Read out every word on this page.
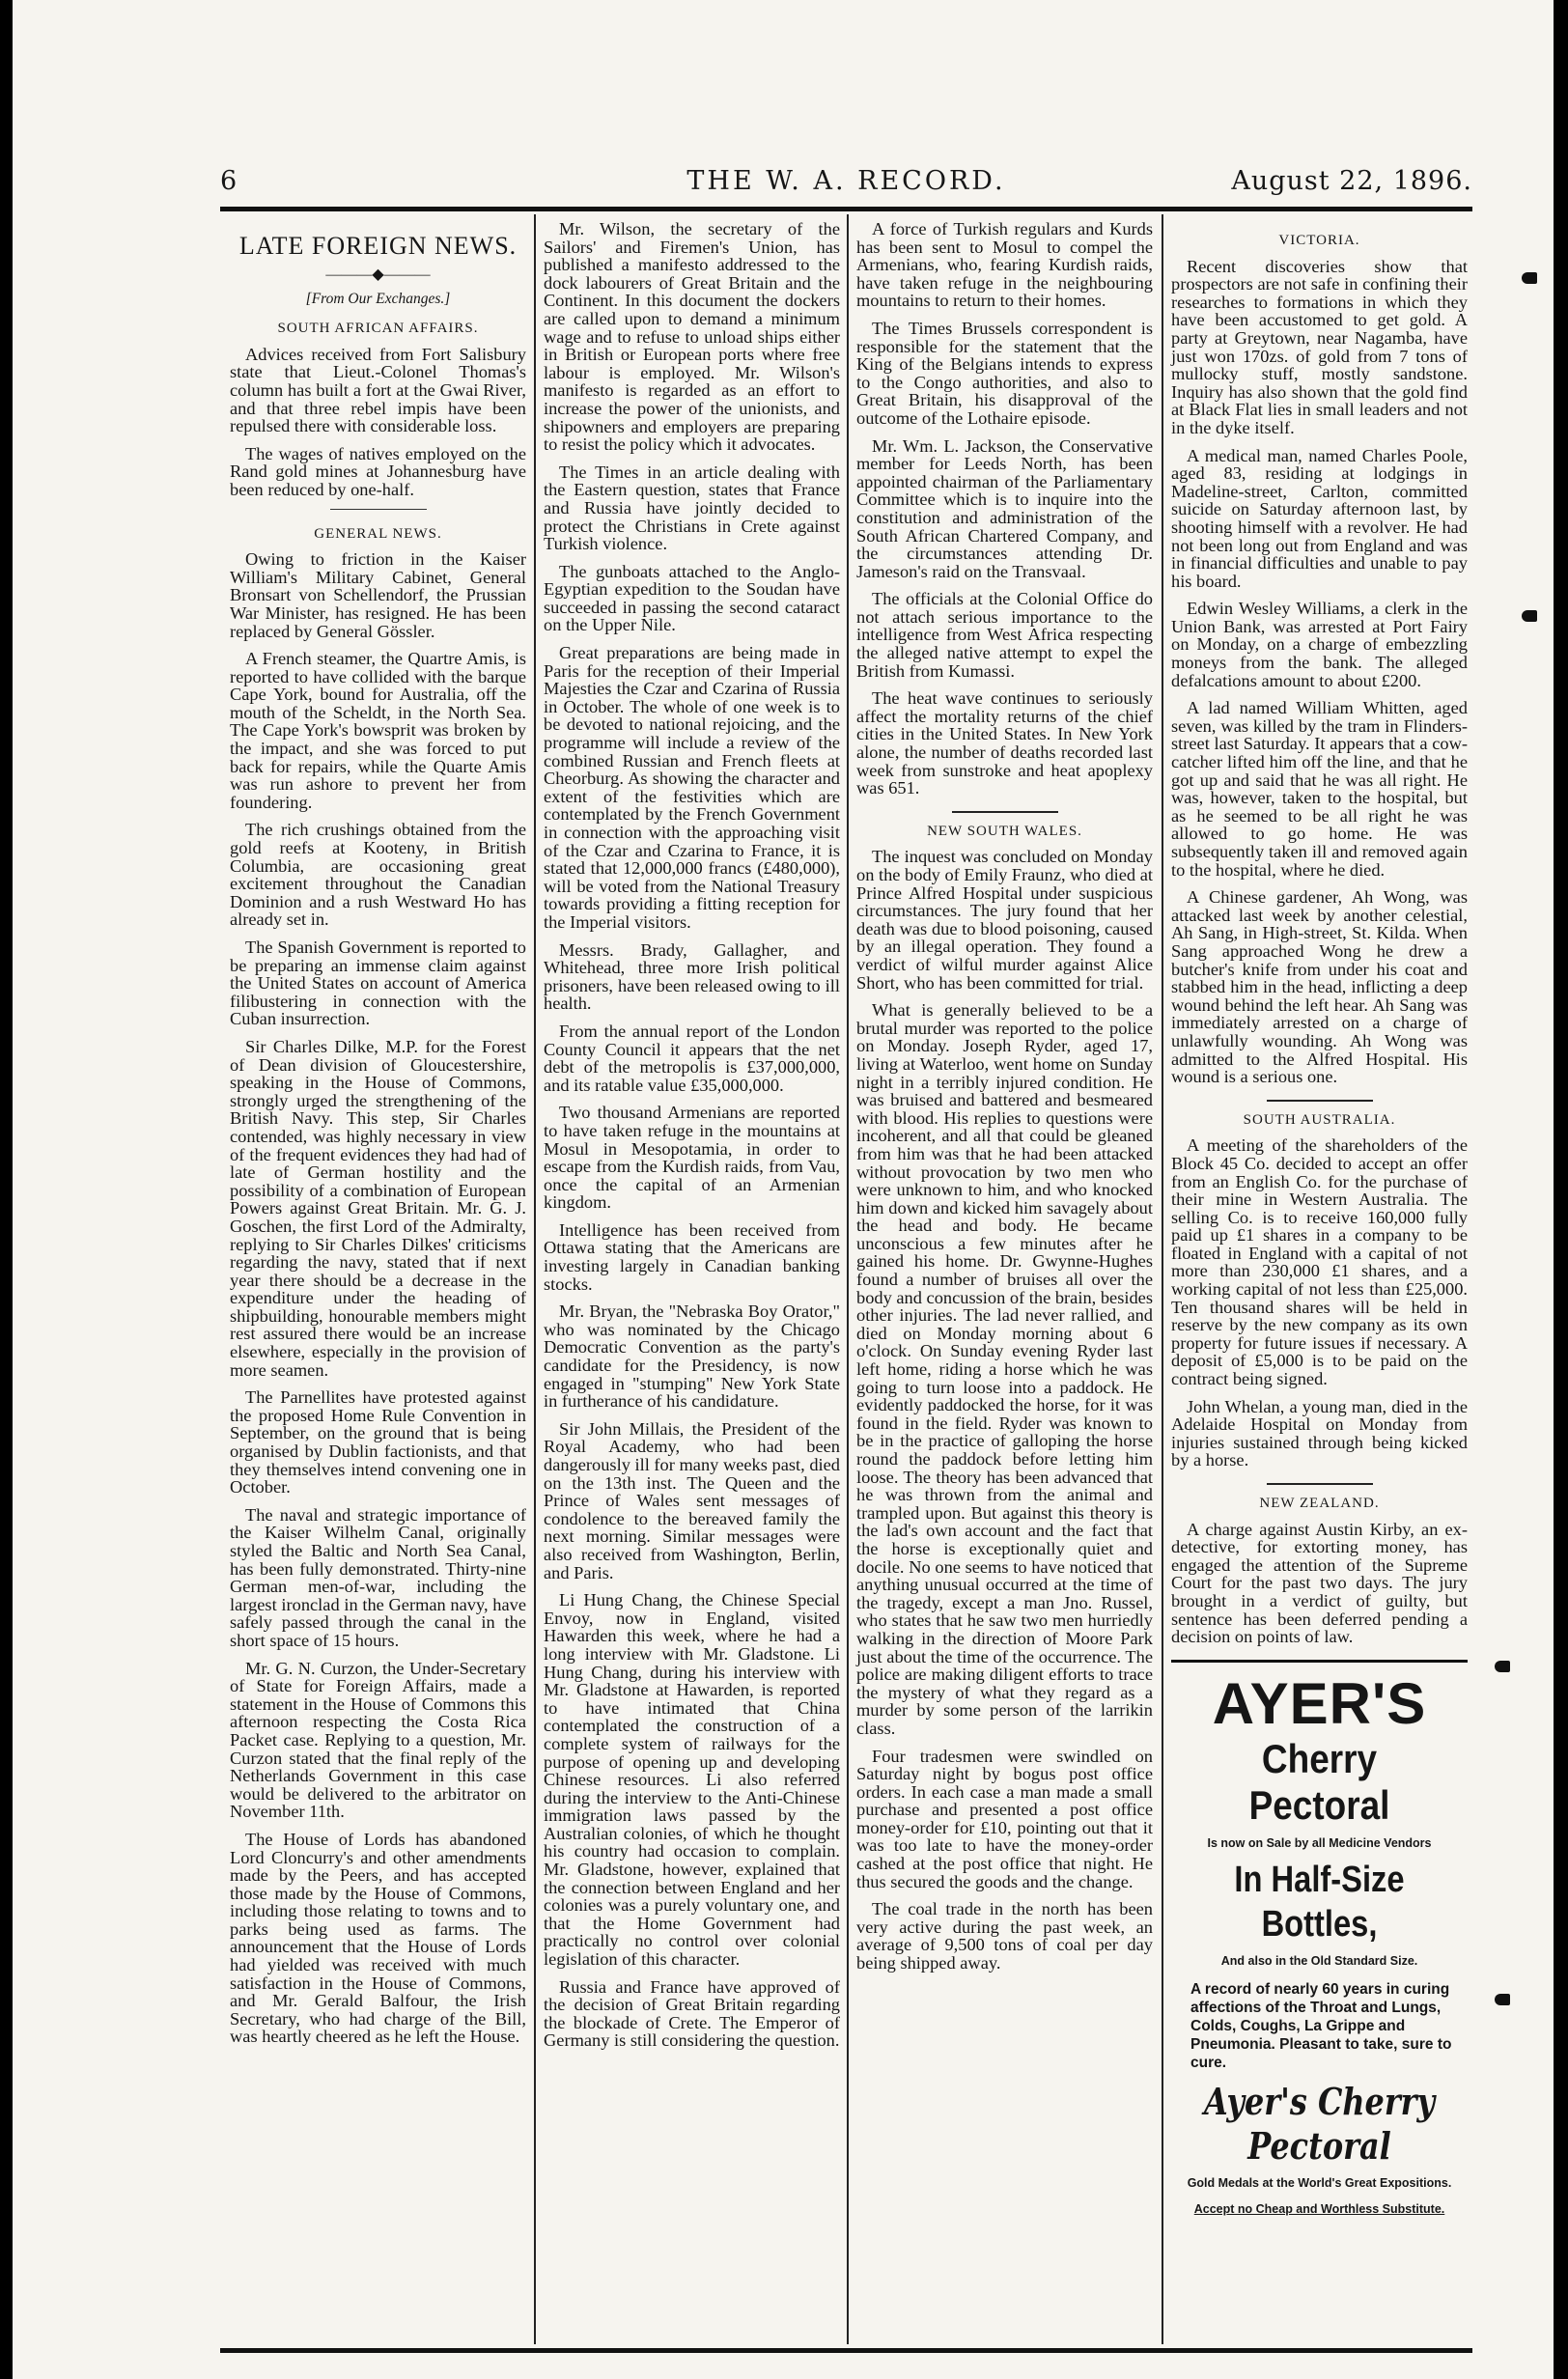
6	THE W. A. RECORD.	August 22, 1896.
LATE FOREIGN NEWS.
———◆———
[From Our Exchanges.]
SOUTH AFRICAN AFFAIRS.

Advices received from Fort Salisbury state that Lieut.-Colonel Thomas's column has built a fort at the Gwai River, and that three rebel impis have been repulsed there with considerable loss.

The wages of natives employed on the Rand gold mines at Johannesburg have been reduced by one-half.

GENERAL NEWS.

Owing to friction in the Kaiser William's Military Cabinet, General Bronsart von Schellendorf, the Prussian War Minister, has resigned. He has been replaced by General Gössler.

A French steamer, the Quartre Amis, is reported to have collided with the barque Cape York, bound for Australia, off the mouth of the Scheldt, in the North Sea. The Cape York's bowsprit was broken by the impact, and she was forced to put back for repairs, while the Quarte Amis was run ashore to prevent her from foundering.

The rich crushings obtained from the gold reefs at Kooteny, in British Columbia, are occasioning great excitement throughout the Canadian Dominion and a rush Westward Ho has already set in.

The Spanish Government is reported to be preparing an immense claim against the United States on account of America filibustering in connection with the Cuban insurrection.

Sir Charles Dilke, M.P. for the Forest of Dean division of Gloucestershire, speaking in the House of Commons, strongly urged the strengthening of the British Navy. This step, Sir Charles contended, was highly necessary in view of the frequent evidences they had had of late of German hostility and the possibility of a combination of European Powers against Great Britain. Mr. G. J. Goschen, the first Lord of the Admiralty, replying to Sir Charles Dilkes' criticisms regarding the navy, stated that if next year there should be a decrease in the expenditure under the heading of shipbuilding, honourable members might rest assured there would be an increase elsewhere, especially in the provision of more seamen.

The Parnellites have protested against the proposed Home Rule Convention in September, on the ground that is being organised by Dublin factionists, and that they themselves intend convening one in October.

The naval and strategic importance of the Kaiser Wilhelm Canal, originally styled the Baltic and North Sea Canal, has been fully demonstrated. Thirty-nine German men-of-war, including the largest ironclad in the German navy, have safely passed through the canal in the short space of 15 hours.

Mr. G. N. Curzon, the Under-Secretary of State for Foreign Affairs, made a statement in the House of Commons this afternoon respecting the Costa Rica Packet case. Replying to a question, Mr. Curzon stated that the final reply of the Netherlands Government in this case would be delivered to the arbitrator on November 11th.

The House of Lords has abandoned Lord Cloncurry's and other amendments made by the Peers, and has accepted those made by the House of Commons, including those relating to towns and to parks being used as farms. The announcement that the House of Lords had yielded was received with much satisfaction in the House of Commons, and Mr. Gerald Balfour, the Irish Secretary, who had charge of the Bill, was heartly cheered as he left the House.

Mr. Wilson, the secretary of the Sailors' and Firemen's Union, has published a manifesto addressed to the dock labourers of Great Britain and the Continent. In this document the dockers are called upon to demand a minimum wage and to refuse to unload ships either in British or European ports where free labour is employed. Mr. Wilson's manifesto is regarded as an effort to increase the power of the unionists, and shipowners and employers are preparing to resist the policy which it advocates.

The Times in an article dealing with the Eastern question, states that France and Russia have jointly decided to protect the Christians in Crete against Turkish violence.

The gunboats attached to the Anglo-Egyptian expedition to the Soudan have succeeded in passing the second cataract on the Upper Nile.

Great preparations are being made in Paris for the reception of their Imperial Majesties the Czar and Czarina of Russia in October. The whole of one week is to be devoted to national rejoicing, and the programme will include a review of the combined Russian and French fleets at Cheorburg. As showing the character and extent of the festivities which are contemplated by the French Government in connection with the approaching visit of the Czar and Czarina to France, it is stated that 12,000,000 francs (£480,000), will be voted from the National Treasury towards providing a fitting reception for the Imperial visitors.

Messrs. Brady, Gallagher, and Whitehead, three more Irish political prisoners, have been released owing to ill health.

From the annual report of the London County Council it appears that the net debt of the metropolis is £37,000,000, and its ratable value £35,000,000.

Two thousand Armenians are reported to have taken refuge in the mountains at Mosul in Mesopotamia, in order to escape from the Kurdish raids, from Vau, once the capital of an Armenian kingdom.

Intelligence has been received from Ottawa stating that the Americans are investing largely in Canadian banking stocks.

Mr. Bryan, the "Nebraska Boy Orator," who was nominated by the Chicago Democratic Convention as the party's candidate for the Presidency, is now engaged in "stumping" New York State in furtherance of his candidature.

Sir John Millais, the President of the Royal Academy, who had been dangerously ill for many weeks past, died on the 13th inst. The Queen and the Prince of Wales sent messages of condolence to the bereaved family the next morning. Similar messages were also received from Washington, Berlin, and Paris.

Li Hung Chang, the Chinese Special Envoy, now in England, visited Hawarden this week, where he had a long interview with Mr. Gladstone. Li Hung Chang, during his interview with Mr. Gladstone at Hawarden, is reported to have intimated that China contemplated the construction of a complete system of railways for the purpose of opening up and developing Chinese resources. Li also referred during the interview to the Anti-Chinese immigration laws passed by the Australian colonies, of which he thought his country had occasion to complain. Mr. Gladstone, however, explained that the connection between England and her colonies was a purely voluntary one, and that the Home Government had practically no control over colonial legislation of this character.

Russia and France have approved of the decision of Great Britain regarding the blockade of Crete. The Emperor of Germany is still considering the question.

A force of Turkish regulars and Kurds has been sent to Mosul to compel the Armenians, who, fearing Kurdish raids, have taken refuge in the neighbouring mountains to return to their homes.

The Times Brussels correspondent is responsible for the statement that the King of the Belgians intends to express to the Congo authorities, and also to Great Britain, his disapproval of the outcome of the Lothaire episode.

Mr. Wm. L. Jackson, the Conservative member for Leeds North, has been appointed chairman of the Parliamentary Committee which is to inquire into the constitution and administration of the South African Chartered Company, and the circumstances attending Dr. Jameson's raid on the Transvaal.

The officials at the Colonial Office do not attach serious importance to the intelligence from West Africa respecting the alleged native attempt to expel the British from Kumassi.

The heat wave continues to seriously affect the mortality returns of the chief cities in the United States. In New York alone, the number of deaths recorded last week from sunstroke and heat apoplexy was 651.

NEW SOUTH WALES.

The inquest was concluded on Monday on the body of Emily Fraunz, who died at Prince Alfred Hospital under suspicious circumstances. The jury found that her death was due to blood poisoning, caused by an illegal operation. They found a verdict of wilful murder against Alice Short, who has been committed for trial.

What is generally believed to be a brutal murder was reported to the police on Monday. Joseph Ryder, aged 17, living at Waterloo, went home on Sunday night in a terribly injured condition. He was bruised and battered and besmeared with blood. His replies to questions were incoherent, and all that could be gleaned from him was that he had been attacked without provocation by two men who were unknown to him, and who knocked him down and kicked him savagely about the head and body. He became unconscious a few minutes after he gained his home. Dr. Gwynne-Hughes found a number of bruises all over the body and concussion of the brain, besides other injuries. The lad never rallied, and died on Monday morning about 6 o'clock. On Sunday evening Ryder last left home, riding a horse which he was going to turn loose into a paddock. He evidently paddocked the horse, for it was found in the field. Ryder was known to be in the practice of galloping the horse round the paddock before letting him loose. The theory has been advanced that he was thrown from the animal and trampled upon. But against this theory is the lad's own account and the fact that the horse is exceptionally quiet and docile. No one seems to have noticed that anything unusual occurred at the time of the tragedy, except a man Jno. Russel, who states that he saw two men hurriedly walking in the direction of Moore Park just about the time of the occurrence. The police are making diligent efforts to trace the mystery of what they regard as a murder by some person of the larrikin class.

Four tradesmen were swindled on Saturday night by bogus post office orders. In each case a man made a small purchase and presented a post office money-order for £10, pointing out that it was too late to have the money-order cashed at the post office that night. He thus secured the goods and the change.

The coal trade in the north has been very active during the past week, an average of 9,500 tons of coal per day being shipped away.

VICTORIA.

Recent discoveries show that prospectors are not safe in confining their researches to formations in which they have been accustomed to get gold. A party at Greytown, near Nagamba, have just won 170zs. of gold from 7 tons of mullocky stuff, mostly sandstone. Inquiry has also shown that the gold find at Black Flat lies in small leaders and not in the dyke itself.

A medical man, named Charles Poole, aged 83, residing at lodgings in Madeline-street, Carlton, committed suicide on Saturday afternoon last, by shooting himself with a revolver. He had not been long out from England and was in financial difficulties and unable to pay his board.

Edwin Wesley Williams, a clerk in the Union Bank, was arrested at Port Fairy on Monday, on a charge of embezzling moneys from the bank. The alleged defalcations amount to about £200.

A lad named William Whitten, aged seven, was killed by the tram in Flinders-street last Saturday. It appears that a cow-catcher lifted him off the line, and that he got up and said that he was all right. He was, however, taken to the hospital, but as he seemed to be all right he was allowed to go home. He was subsequently taken ill and removed again to the hospital, where he died.

A Chinese gardener, Ah Wong, was attacked last week by another celestial, Ah Sang, in High-street, St. Kilda. When Sang approached Wong he drew a butcher's knife from under his coat and stabbed him in the head, inflicting a deep wound behind the left hear. Ah Sang was immediately arrested on a charge of unlawfully wounding. Ah Wong was admitted to the Alfred Hospital. His wound is a serious one.

SOUTH AUSTRALIA.

A meeting of the shareholders of the Block 45 Co. decided to accept an offer from an English Co. for the purchase of their mine in Western Australia. The selling Co. is to receive 160,000 fully paid up £1 shares in a company to be floated in England with a capital of not more than 230,000 £1 shares, and a working capital of not less than £25,000. Ten thousand shares will be held in reserve by the new company as its own property for future issues if necessary. A deposit of £5,000 is to be paid on the contract being signed.

John Whelan, a young man, died in the Adelaide Hospital on Monday from injuries sustained through being kicked by a horse.

NEW ZEALAND.

A charge against Austin Kirby, an ex-detective, for extorting money, has engaged the attention of the Supreme Court for the past two days. The jury brought in a verdict of guilty, but sentence has been deferred pending a decision on points of law.

AYER'S
Cherry Pectoral
Is now on Sale by all Medicine Vendors
In Half-Size Bottles,
And also in the Old Standard Size.
A record of nearly 60 years in curing affections of the Throat and Lungs, Colds, Coughs, La Grippe and Pneumonia. Pleasant to take, sure to cure.
Ayer's Cherry Pectoral
Gold Medals at the World's Great Expositions.
Accept no Cheap and Worthless Substitute.
